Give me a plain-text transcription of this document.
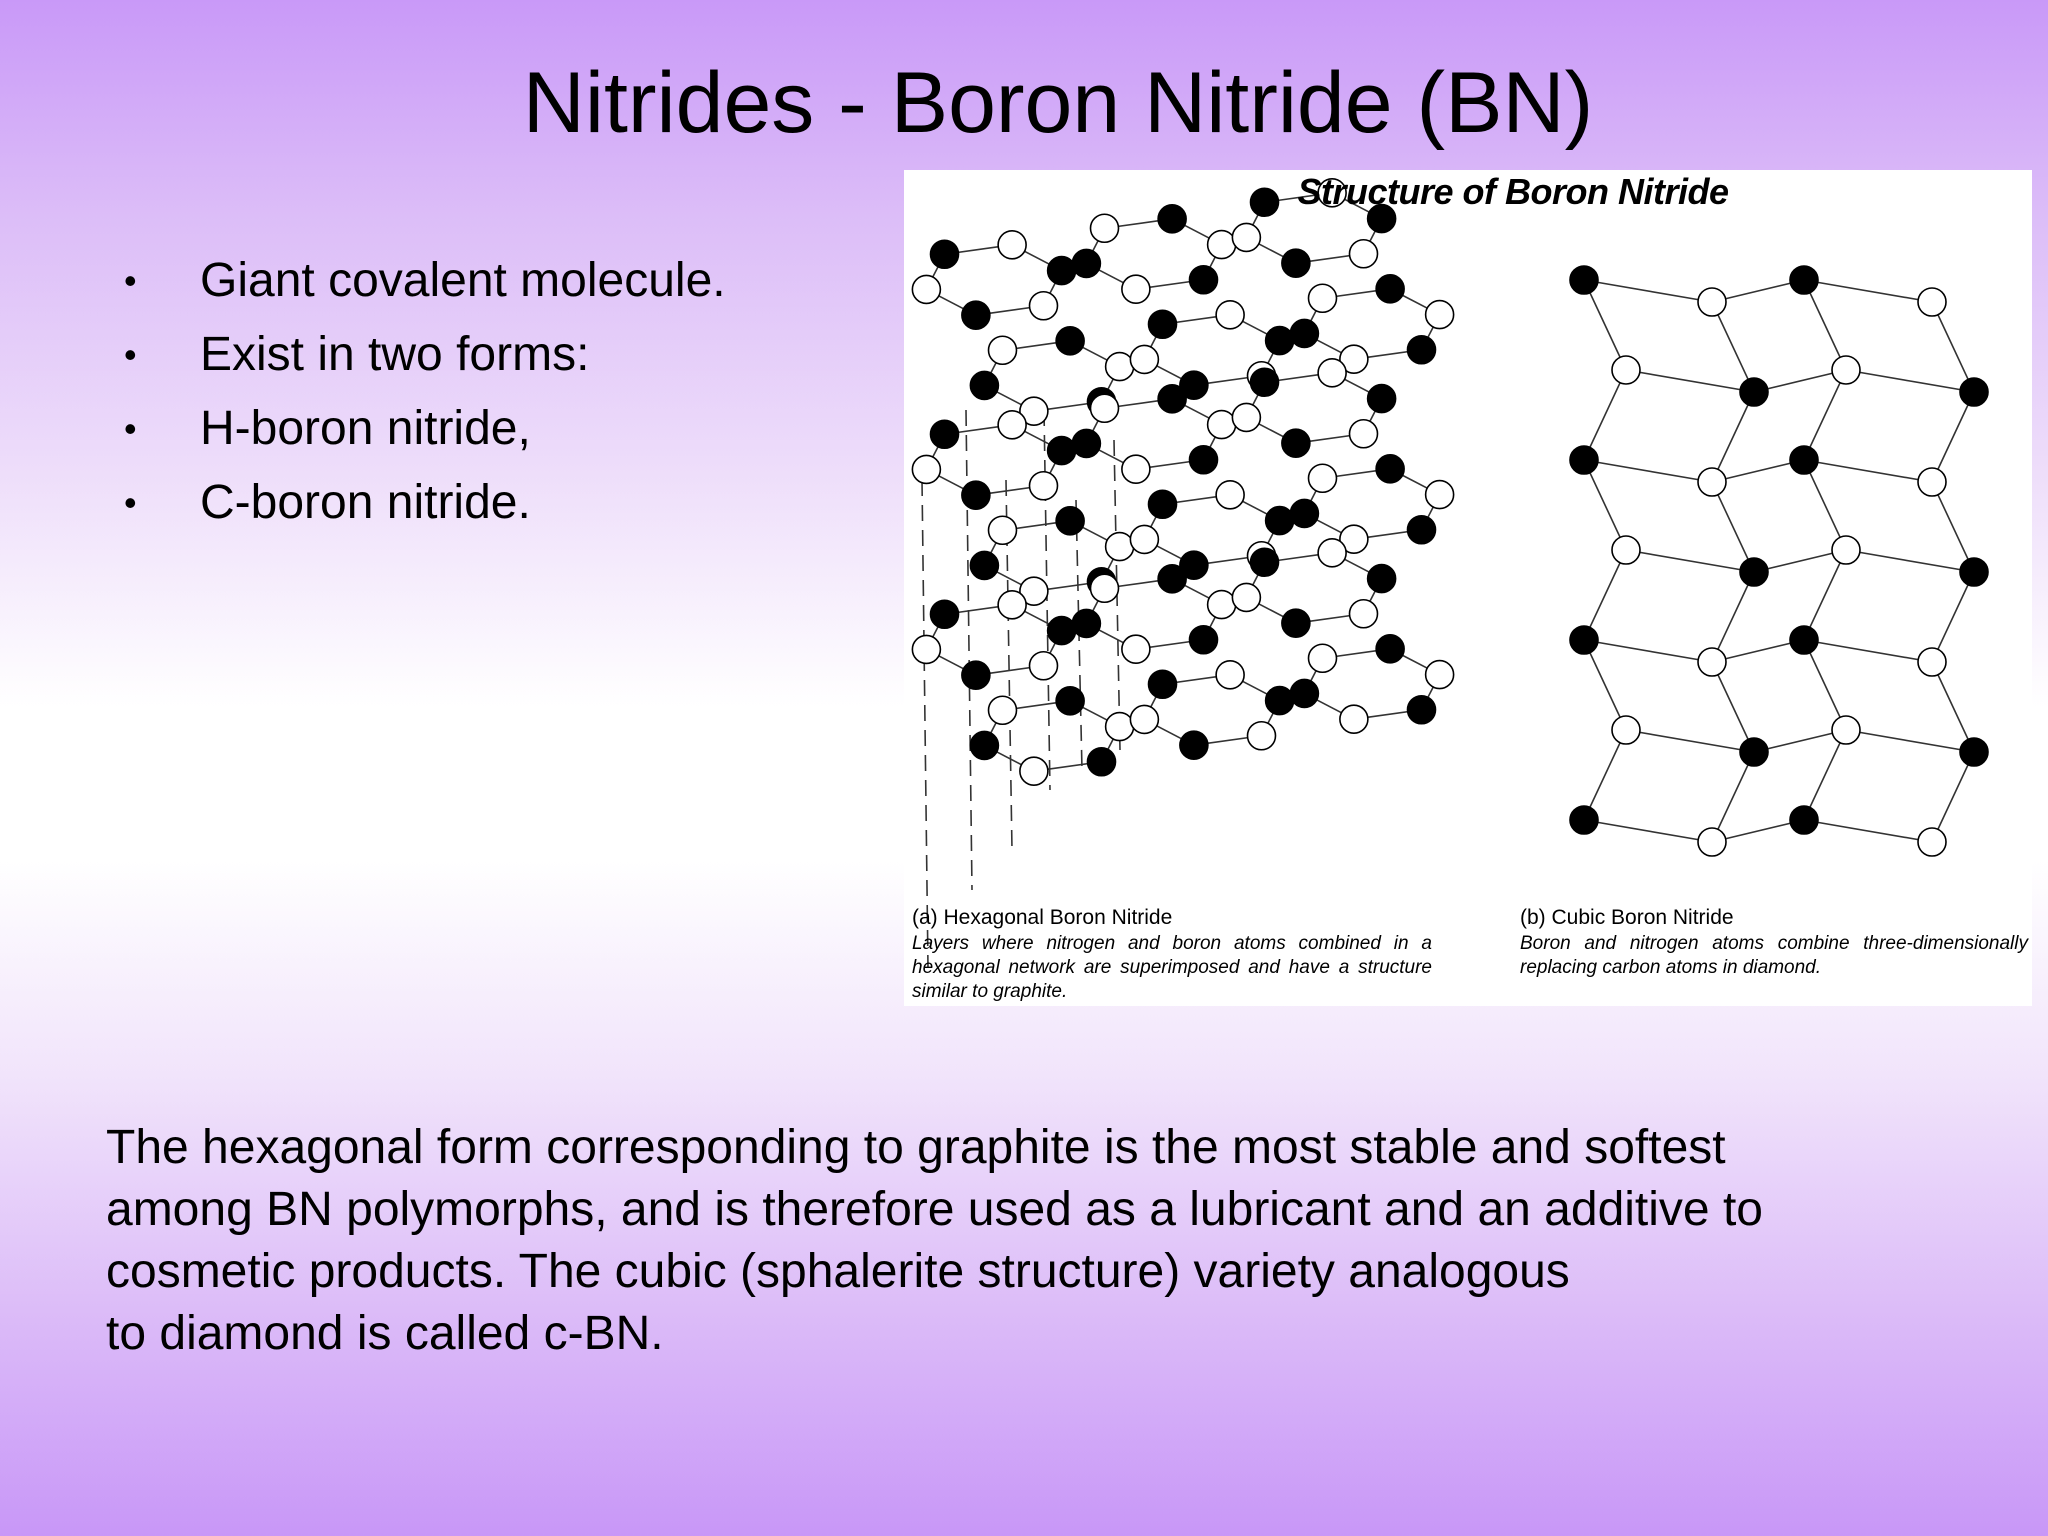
Nitrides - Boron Nitride (BN)
• Giant covalent molecule.
• Exist in two forms:
• H-boron nitride,
• C-boron nitride.
Structure of Boron Nitride
(a) Hexagonal Boron Nitride
Layers where nitrogen and boron atoms combined in a hexagonal network are superimposed and have a structure similar to graphite.
(b) Cubic Boron Nitride
Boron and nitrogen atoms combine three-dimensionally replacing carbon atoms in diamond.

The hexagonal form corresponding to graphite is the most stable and softest
among BN polymorphs, and is therefore used as a lubricant and an additive to
cosmetic products. The cubic (sphalerite structure) variety analogous
to diamond is called c-BN.
